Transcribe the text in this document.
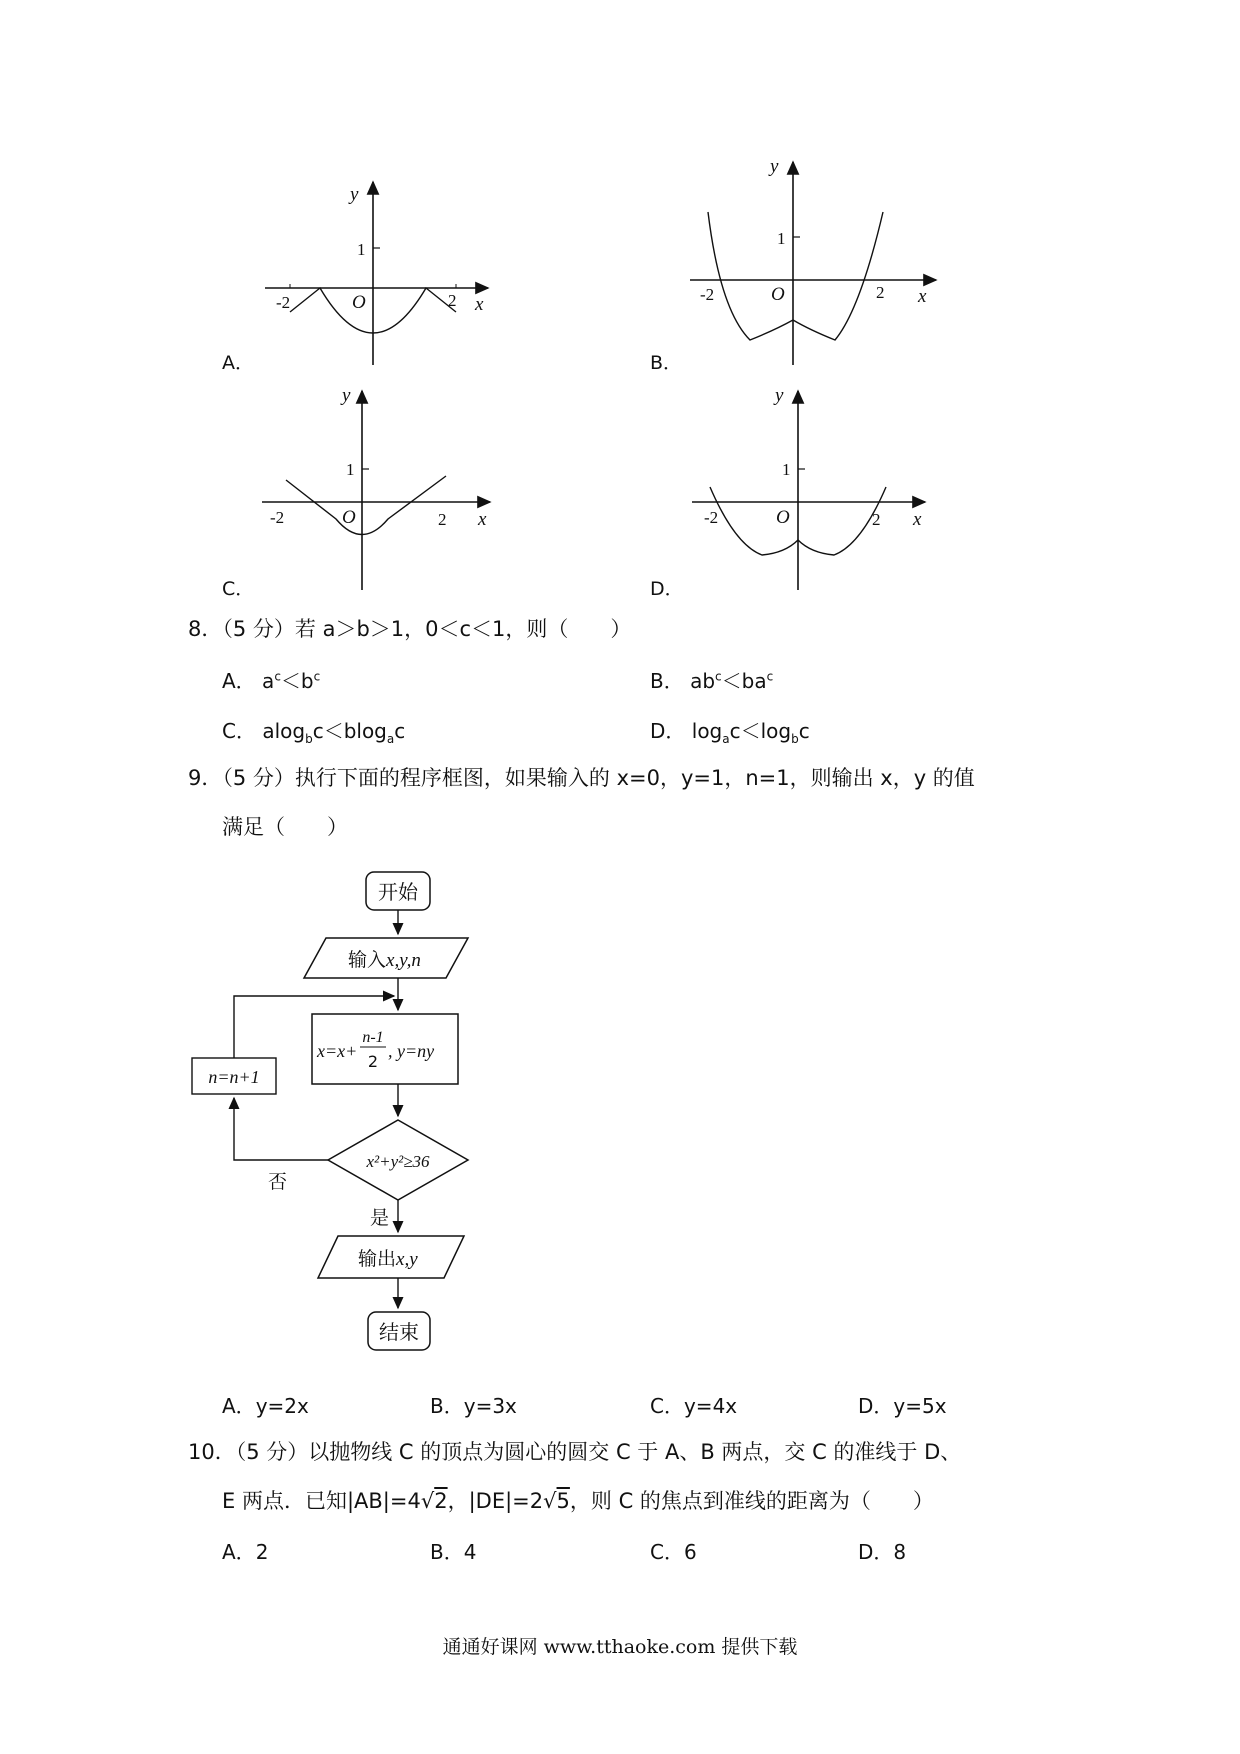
A．	B．
C．	D．
y
1
-2	2
O	x
y
1
-2	2
O	x
y
1
-2	2
O	x
y
1
-2	2
O	x
8．（5 分）若 a＞b＞1，0＜c＜1，则（　　）
A． $a^c<b^c$	B． $ab^c<ba^c$
C． alog$_b$c＜blog$_a$c	D． $\log_ac<\log_bc$
9．（5 分）执行下面的程序框图，如果输入的 x=0，y=1，n=1，则输出 x，y 的值
满足（　　）
开始
输入x,y,n
x=x+
n-1
2
, y=ny
n=n+1
x²+y²≥36
否
是
输出x,y
结束
A．y=2x	B．y=3x	C．y=4x	D．y=5x
10．（5 分）以抛物线 C 的顶点为圆心的圆交 C 于 A、B 两点，交 C 的准线于 D、
E 两点．已知|AB|=4√2，|DE|=2√5，则 C 的焦点到准线的距离为（　　）
A．2	B．4	C．6	D．8
通通好课网 www.tthaoke.com 提供下载
